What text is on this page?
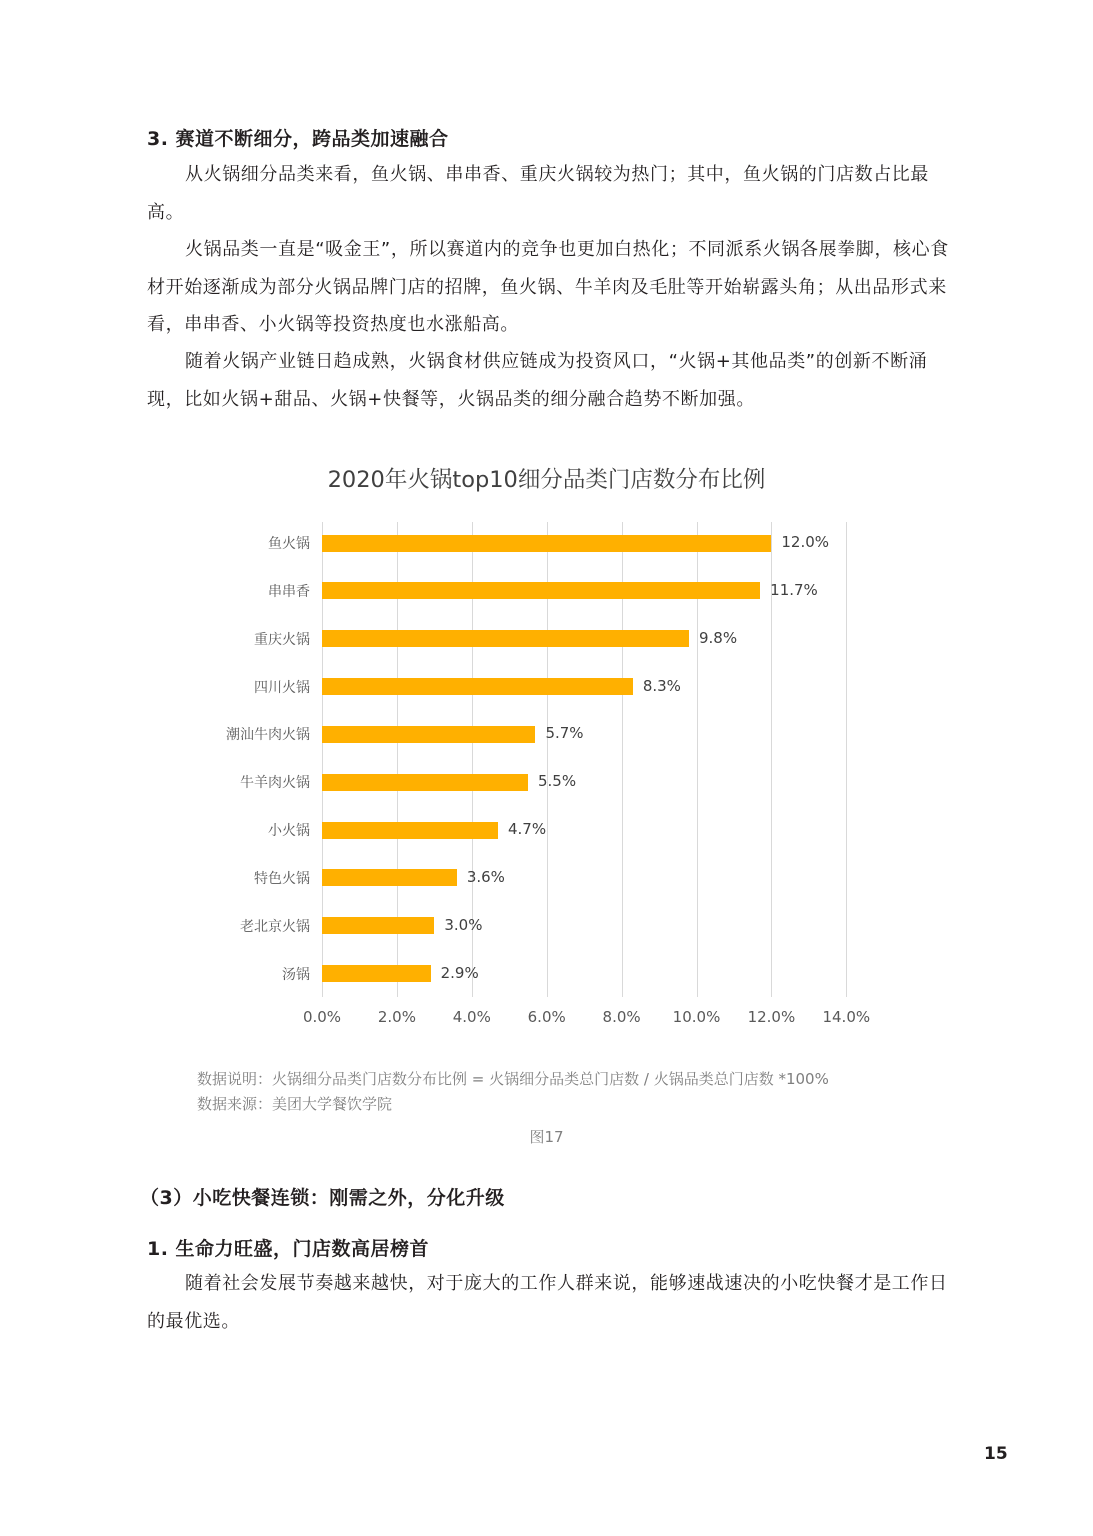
3. 赛道不断细分，跨品类加速融合
从火锅细分品类来看，鱼火锅、串串香、重庆火锅较为热门；其中，鱼火锅的门店数占比最高。
火锅品类一直是“吸金王”，所以赛道内的竞争也更加白热化；不同派系火锅各展拳脚，核心食材开始逐渐成为部分火锅品牌门店的招牌，鱼火锅、牛羊肉及毛肚等开始崭露头角；从出品形式来看，串串香、小火锅等投资热度也水涨船高。
随着火锅产业链日趋成熟，火锅食材供应链成为投资风口，“火锅+其他品类”的创新不断涌现，比如火锅+甜品、火锅+快餐等，火锅品类的细分融合趋势不断加强。
2020年火锅top10细分品类门店数分布比例
12.0%
11.7%
9.8%
8.3%
5.7%
5.5%
4.7%
3.6%
3.0%
2.9%
鱼火锅
串串香
重庆火锅
四川火锅
潮汕牛肉火锅
牛羊肉火锅
小火锅
特色火锅
老北京火锅
汤锅
0.0% 2.0% 4.0% 6.0% 8.0% 10.0% 12.0% 14.0%
数据说明：火锅细分品类门店数分布比例 = 火锅细分品类总门店数 / 火锅品类总门店数 *100%
数据来源：美团大学餐饮学院
图17
（3）小吃快餐连锁：刚需之外，分化升级
1. 生命力旺盛，门店数高居榜首
随着社会发展节奏越来越快，对于庞大的工作人群来说，能够速战速决的小吃快餐才是工作日的最优选。
15
